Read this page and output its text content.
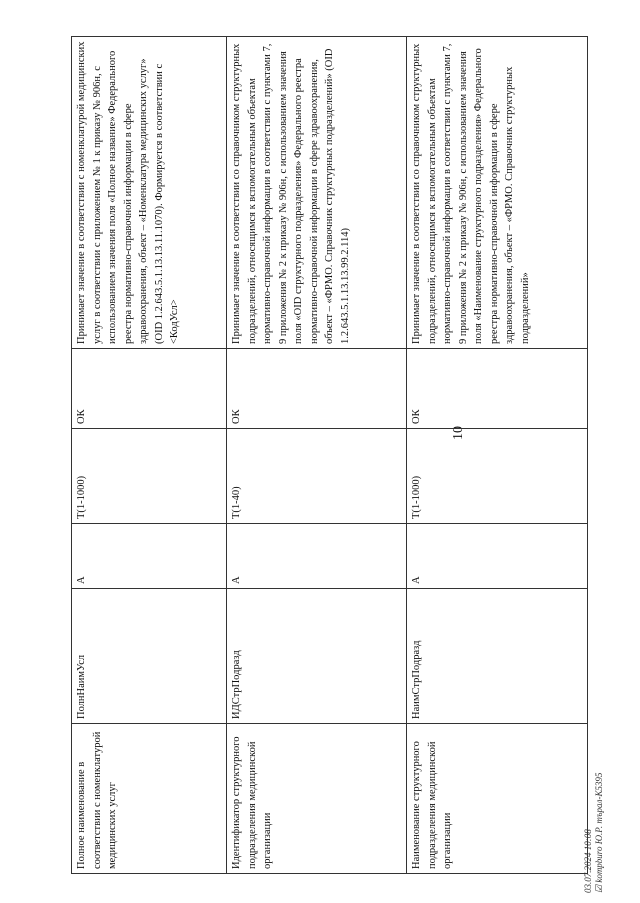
10
Полное наименование в соответствии с номенклатурой медицинских услуг	ПолнНаимУсл	А	Т(1-1000)	ОК	Принимает значение в соответствии с номенклатурой медицинских услуг в соответствии с приложением № 1 к приказу № 906н, с использованием значения поля «Полное название» Федерального реестра нормативно-справочной информации в сфере здравоохранения, объект – «Номенклатура медицинских услуг» (OID 1.2.643.5.1.13.13.11.1070). Формируется в соответствии с <КодУсл>
Идентификатор структурного подразделения медицинской организации	ИДСтрПодразд	А	Т(1-40)	ОК	Принимает значение в соответствии со справочником структурных подразделений, относящимся к вспомогательным объектам нормативно-справочной информации в соответствии с пунктами 7, 9 приложения № 2 к приказу № 906н, с использованием значения поля «OID структурного подразделения» Федерального реестра нормативно-справочной информации в сфере здравоохранения, объект – «ФРМО. Справочник структурных подразделений» (OID 1.2.643.5.1.13.13.99.2.114)
Наименование структурного подразделения медицинской организации	НаимСтрПодразд	А	Т(1-1000)	ОК	Принимает значение в соответствии со справочником структурных подразделений, относящимся к вспомогательным объектам нормативно-справочной информации в соответствии с пунктами 7, 9 приложения № 2 к приказу № 906н, с использованием значения поля «Наименование структурного подразделения» Федерального реестра нормативно-справочной информации в сфере здравоохранения, объект – «ФРМО. Справочник структурных подразделений»
03.07.2024 10:08 ☑ kompburo Ю.Р. търал-К5395
